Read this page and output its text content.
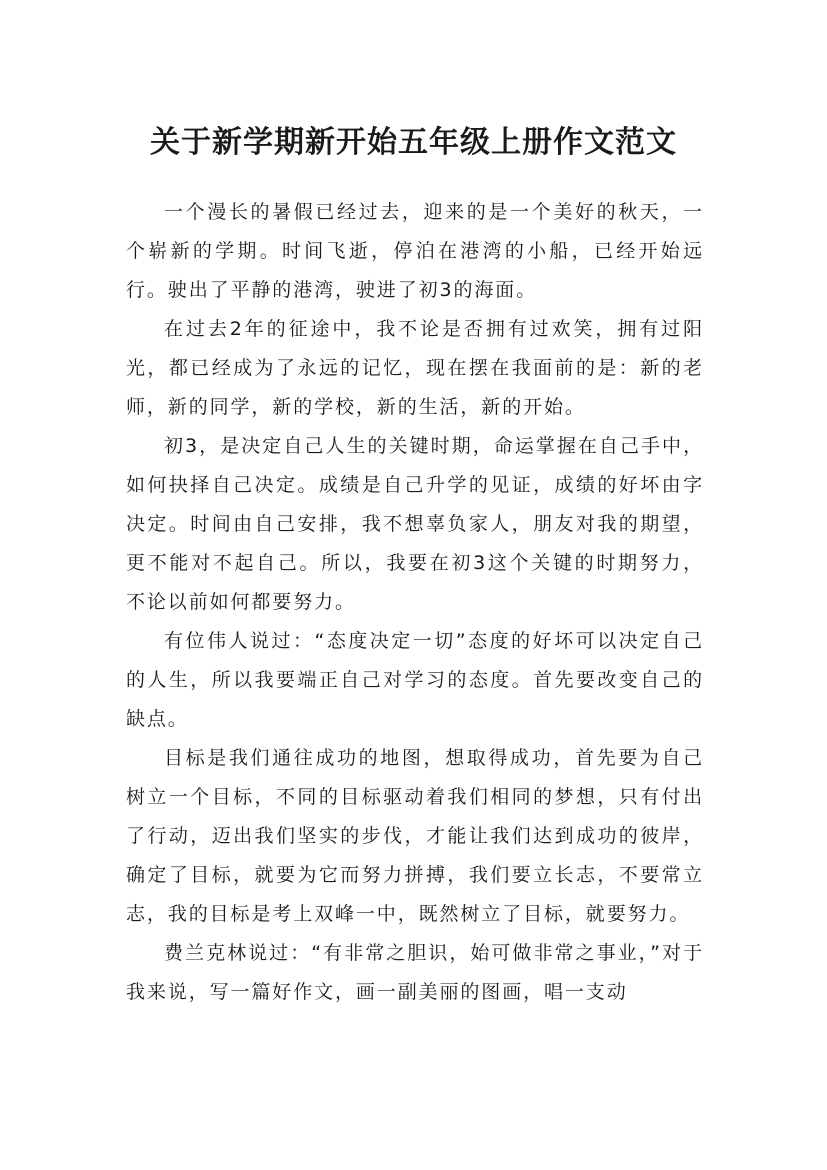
关于新学期新开始五年级上册作文范文

一个漫长的暑假已经过去，迎来的是一个美好的秋天，一个崭新的学期。时间飞逝，停泊在港湾的小船，已经开始远行。驶出了平静的港湾，驶进了初3的海面。

在过去2年的征途中，我不论是否拥有过欢笑，拥有过阳光，都已经成为了永远的记忆，现在摆在我面前的是：新的老师，新的同学，新的学校，新的生活，新的开始。

初3，是决定自己人生的关键时期，命运掌握在自己手中，如何抉择自己决定。成绩是自己升学的见证，成绩的好坏由字决定。时间由自己安排，我不想辜负家人，朋友对我的期望，更不能对不起自己。所以，我要在初3这个关键的时期努力，不论以前如何都要努力。

有位伟人说过：“态度决定一切”态度的好坏可以决定自己的人生，所以我要端正自己对学习的态度。首先要改变自己的缺点。

目标是我们通往成功的地图，想取得成功，首先要为自己树立一个目标，不同的目标驱动着我们相同的梦想，只有付出了行动，迈出我们坚实的步伐，才能让我们达到成功的彼岸，确定了目标，就要为它而努力拼搏，我们要立长志，不要常立志，我的目标是考上双峰一中，既然树立了目标，就要努力。

费兰克林说过：“有非常之胆识，始可做非常之事业，”对于我来说，写一篇好作文，画一副美丽的图画，唱一支动
